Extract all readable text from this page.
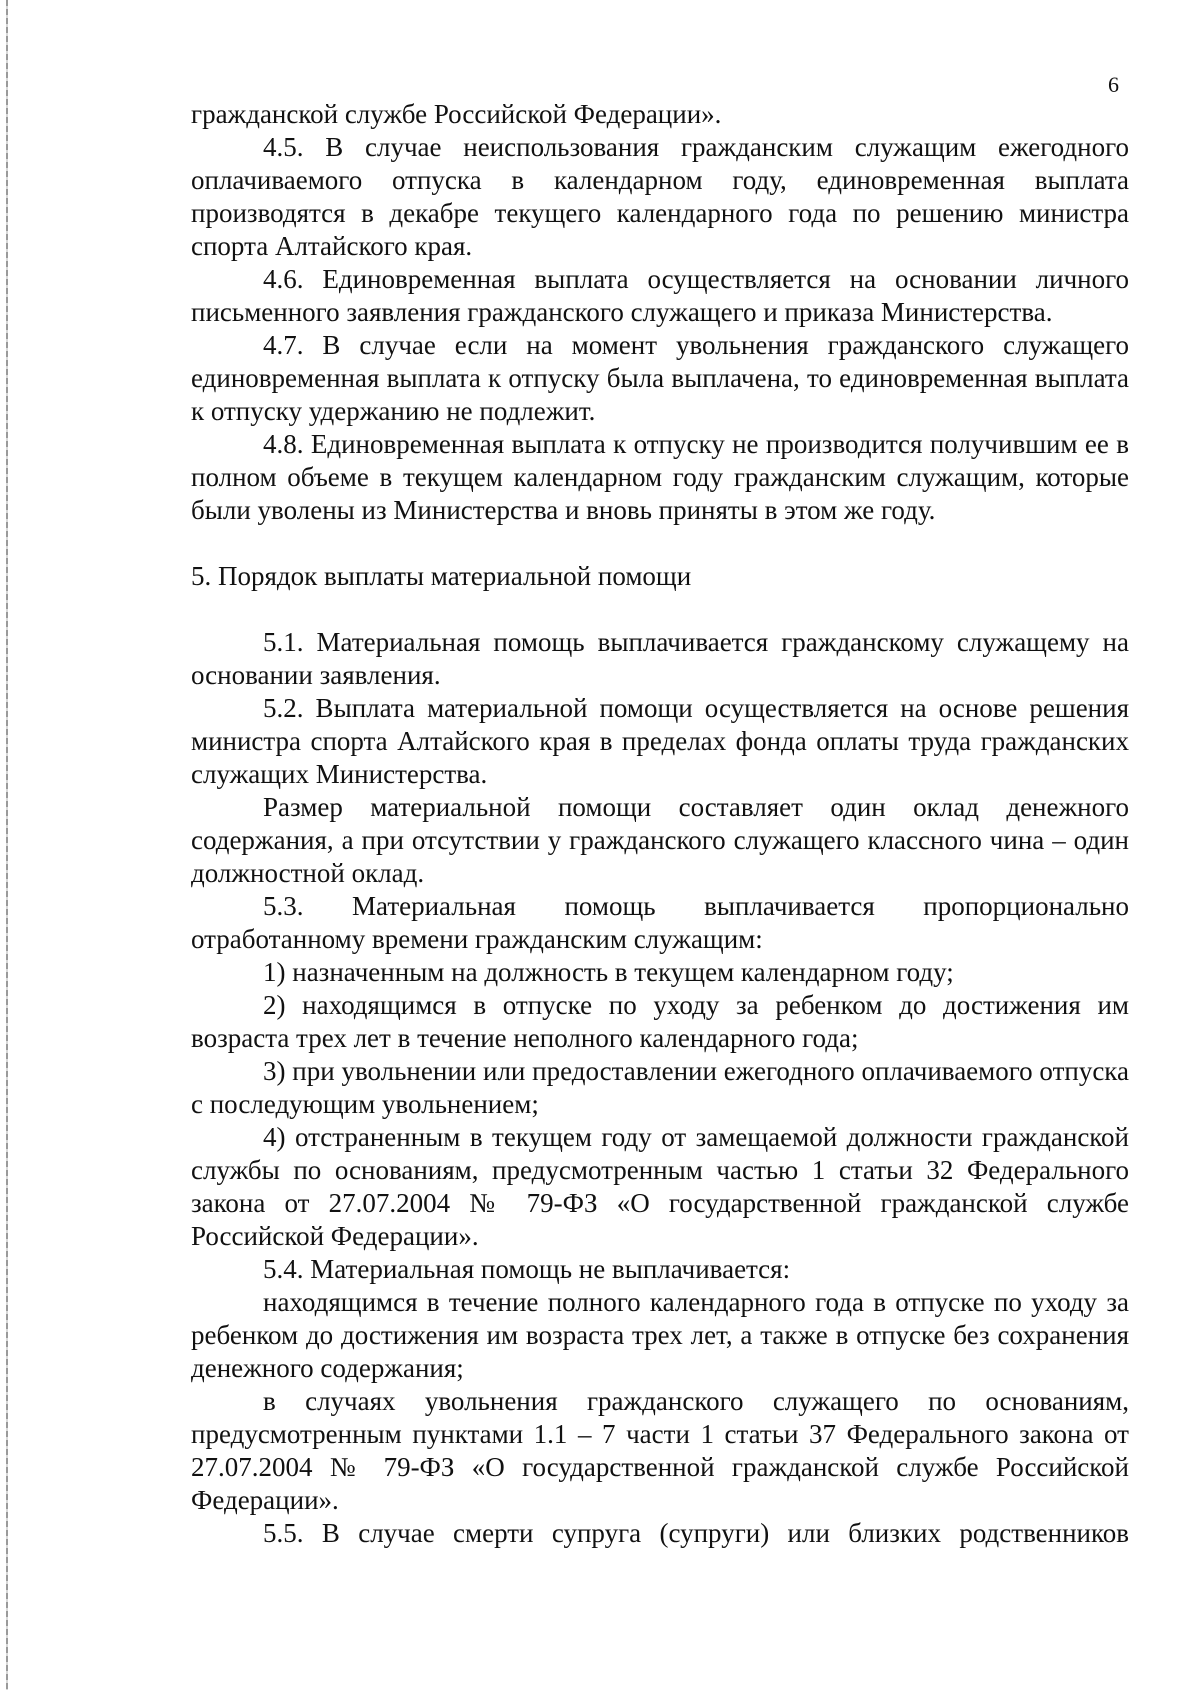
6

гражданской службе Российской Федерации».

4.5. В случае неиспользования гражданским служащим ежегодного оплачиваемого отпуска в календарном году, единовременная выплата производятся в декабре текущего календарного года по решению министра спорта Алтайского края.

4.6. Единовременная выплата осуществляется на основании личного письменного заявления гражданского служащего и приказа Министерства.

4.7. В случае если на момент увольнения гражданского служащего единовременная выплата к отпуску была выплачена, то единовременная выплата к отпуску удержанию не подлежит.

4.8. Единовременная выплата к отпуску не производится получившим ее в полном объеме в текущем календарном году гражданским служащим, которые были уволены из Министерства и вновь приняты в этом же году.

5. Порядок выплаты материальной помощи

5.1. Материальная помощь выплачивается гражданскому служащему на основании заявления.

5.2. Выплата материальной помощи осуществляется на основе решения министра спорта Алтайского края в пределах фонда оплаты труда гражданских служащих Министерства.

Размер материальной помощи составляет один оклад денежного содержания, а при отсутствии у гражданского служащего классного чина – один должностной оклад.

5.3. Материальная помощь выплачивается пропорционально отработанному времени гражданским служащим:

1) назначенным на должность в текущем календарном году;

2) находящимся в отпуске по уходу за ребенком до достижения им возраста трех лет в течение неполного календарного года;

3) при увольнении или предоставлении ежегодного оплачиваемого отпуска с последующим увольнением;

4) отстраненным в текущем году от замещаемой должности гражданской службы по основаниям, предусмотренным частью 1 статьи 32 Федерального закона от 27.07.2004 № 79-ФЗ «О государственной гражданской службе Российской Федерации».

5.4. Материальная помощь не выплачивается:

находящимся в течение полного календарного года в отпуске по уходу за ребенком до достижения им возраста трех лет, а также в отпуске без сохранения денежного содержания;

в случаях увольнения гражданского служащего по основаниям, предусмотренным пунктами 1.1 – 7 части 1 статьи 37 Федерального закона от 27.07.2004 № 79-ФЗ «О государственной гражданской службе Российской Федерации».

5.5. В случае смерти супруга (супруги) или близких родственников
